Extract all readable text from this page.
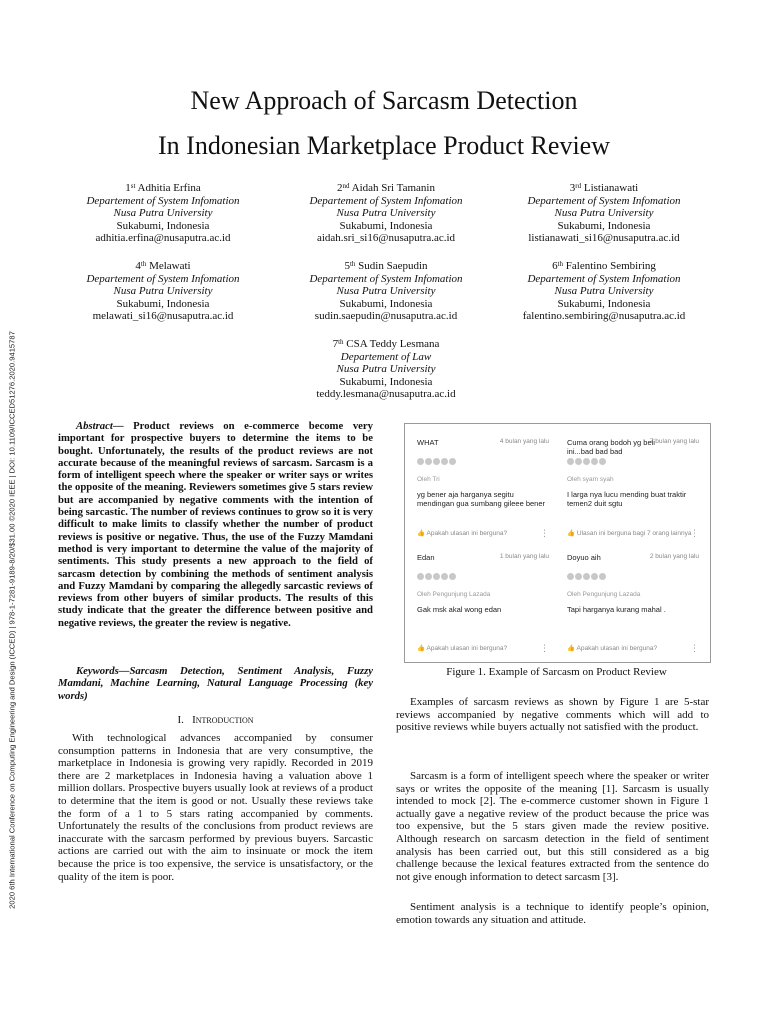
2020 6th International Conference on Computing Engineering and Design (ICCED) | 978-1-7281-9189-8/20/$31.00 ©2020 IEEE | DOI: 10.1109/ICCED51276.2020.9415787
New Approach of Sarcasm Detection
In Indonesian Marketplace Product Review
1st Adhitia Erfina
Departement of System Infomation
Nusa Putra University
Sukabumi, Indonesia
adhitia.erfina@nusaputra.ac.id
2nd Aidah Sri Tamanin
Departement of System Infomation
Nusa Putra University
Sukabumi, Indonesia
aidah.sri_si16@nusaputra.ac.id
3rd Listianawati
Departement of System Infomation
Nusa Putra University
Sukabumi, Indonesia
listianawati_si16@nusaputra.ac.id
4th Melawati
Departement of System Infomation
Nusa Putra University
Sukabumi, Indonesia
melawati_si16@nusaputra.ac.id
5th Sudin Saepudin
Departement of System Infomation
Nusa Putra University
Sukabumi, Indonesia
sudin.saepudin@nusaputra.ac.id
6th Falentino Sembiring
Departement of System Infomation
Nusa Putra University
Sukabumi, Indonesia
falentino.sembiring@nusaputra.ac.id
7th CSA Teddy Lesmana
Departement of Law
Nusa Putra University
Sukabumi, Indonesia
teddy.lesmana@nusaputra.ac.id
Abstract— Product reviews on e-commerce become very important for prospective buyers to determine the items to be bought. Unfortunately, the results of the product reviews are not accurate because of the meaningful reviews of sarcasm. Sarcasm is a form of intelligent speech where the speaker or writer says or writes the opposite of the meaning. Reviewers sometimes give 5 stars review but are accompanied by negative comments with the intention of being sarcastic. The number of reviews continues to grow so it is very difficult to make limits to classify whether the number of product reviews is positive or negative. Thus, the use of the Fuzzy Mamdani method is very important to determine the value of the majority of sentiments. This study presents a new approach to the field of sarcasm detection by combining the methods of sentiment analysis and Fuzzy Mamdani by comparing the allegedly sarcastic reviews of reviews from other buyers of similar products. The results of this study indicate that the greater the difference between positive and negative reviews, the greater the review is negative.
Keywords—Sarcasm Detection, Sentiment Analysis, Fuzzy Mamdani, Machine Learning, Natural Language Processing (key words)
I. Introduction
With technological advances accompanied by consumer consumption patterns in Indonesia that are very consumptive, the marketplace in Indonesia is growing very rapidly. Recorded in 2019 there are 2 marketplaces in Indonesia having a valuation above 1 million dollars. Prospective buyers usually look at reviews of a product to determine that the item is good or not. Usually these reviews take the form of a 1 to 5 stars rating accompanied by comments. Unfortunately the results of the conclusions from product reviews are inaccurate with the sarcasm performed by previous buyers. Sarcastic actions are carried out with the aim to insinuate or mock the item because the price is too expensive, the service is unsatisfactory, or the quality of the item is poor.
WHAT	4 bulan yang lalu
Oleh Tri
yg bener aja harganya segitu mendingan gua sumbang gileee bener
👍 Apakah ulasan ini berguna?	⋮
Cuma orang bodoh yg beli ini...bad bad bad
7 bulan yang lalu
Oleh syam syah
I larga nya lucu mending buat traktir temen2 duit sgtu
👍 Ulasan ini berguna bagi 7 orang lainnya
⋮
Edan	1 bulan yang lalu
Oleh Pengunjung Lazada
Gak msk akal wong edan
👍 Apakah ulasan ini berguna?	⋮
Doyuo aih	2 bulan yang lalu
Oleh Pengunjung Lazada
Tapi harganya kurang mahal .
👍 Apakah ulasan ini berguna?	⋮
Figure 1. Example of Sarcasm on Product Review
Examples of sarcasm reviews as shown by Figure 1 are 5-star reviews accompanied by negative comments which will add to positive reviews while buyers actually not satisfied with the product.
Sarcasm is a form of intelligent speech where the speaker or writer says or writes the opposite of the meaning [1]. Sarcasm is usually intended to mock [2]. The e-commerce customer shown in Figure 1 actually gave a negative review of the product because the price was too expensive, but the 5 stars given made the review positive. Although research on sarcasm detection in the field of sentiment analysis has been carried out, but this still considered as a big challenge because the lexical features extracted from the sentence do not give enough information to detect sarcasm [3].
Sentiment analysis is a technique to identify people’s opinion, emotion towards any situation and attitude.
